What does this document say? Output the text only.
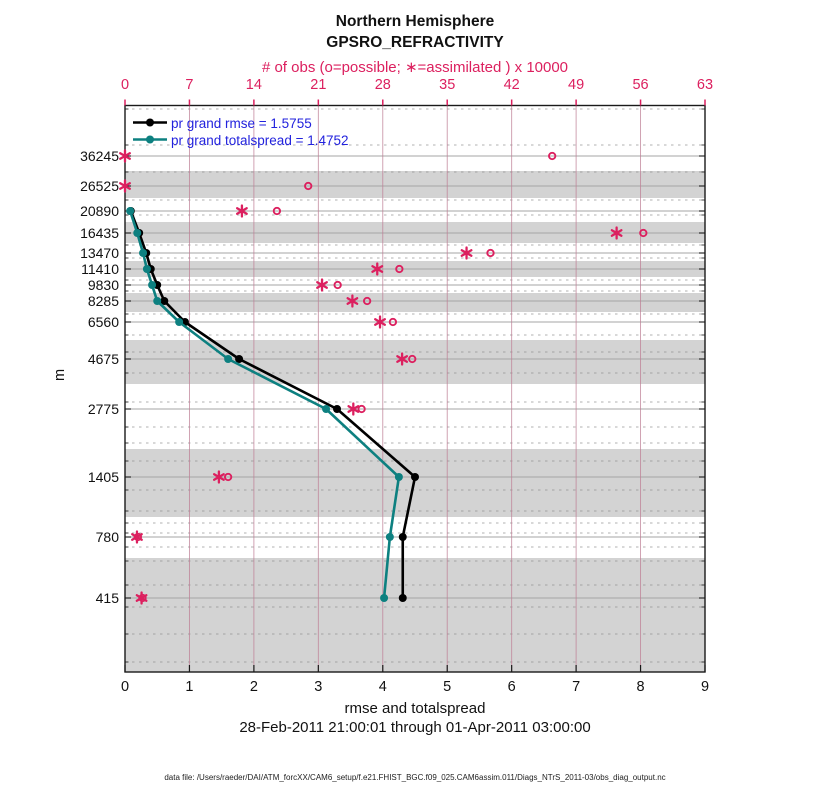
Northern Hemisphere
GPSRO_REFRACTIVITY
# of obs (o=possible; ∗=assimilated ) x 10000
pr grand rmse = 1.5755
pr grand totalspread = 1.4752
m
0	7	14	21	28	35	42	49	56	63
0	1	2	3	4	5	6	7	8	9
36245
26525
20890
16435
13470
11410
9830
8285
6560
4675
2775
1405
780
415
rmse and totalspread
28-Feb-2011 21:00:01 through 01-Apr-2011 03:00:00
data file: /Users/raeder/DAI/ATM_forcXX/CAM6_setup/f.e21.FHIST_BGC.f09_025.CAM6assim.011/Diags_NTrS_2011-03/obs_diag_output.nc
